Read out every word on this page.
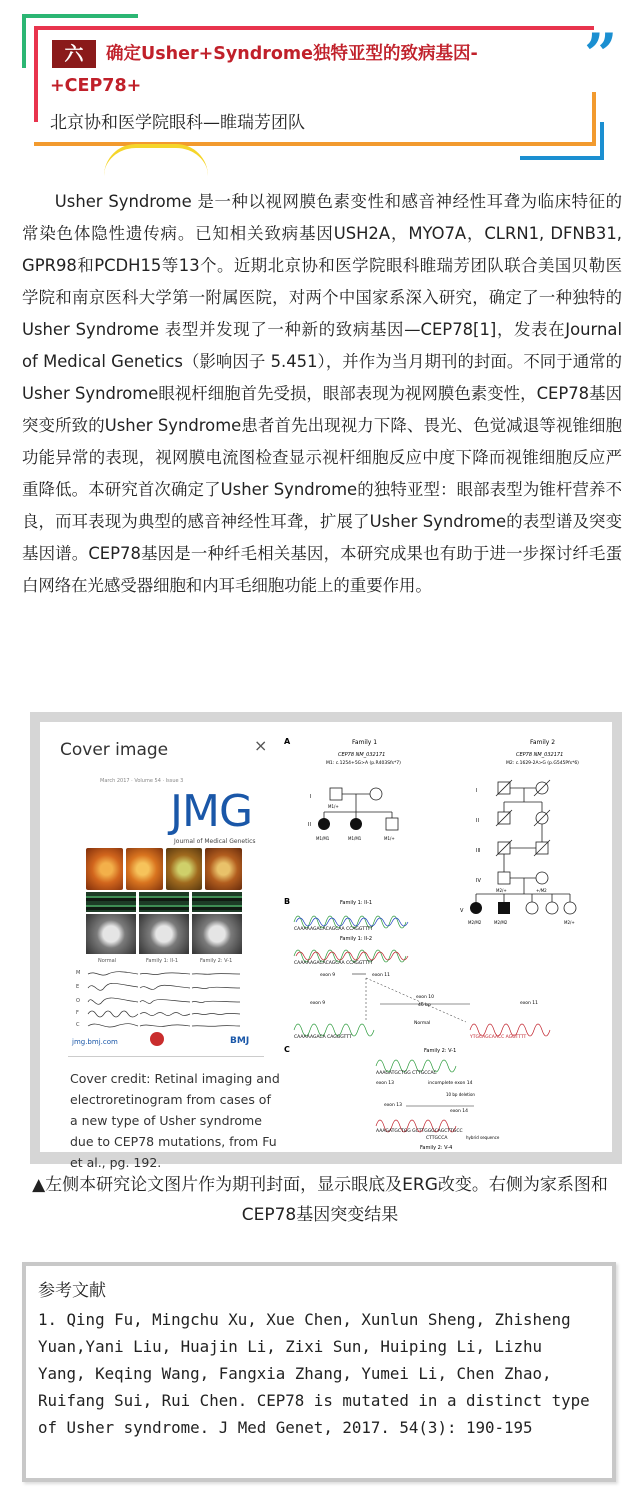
”
六	确定Usher+Syndrome独特亚型的致病基因-
+CEP78+
北京协和医学院眼科—睢瑞芳团队

Usher Syndrome 是一种以视网膜色素变性和感音神经性耳聋为临床特征的常染色体隐性遗传病。已知相关致病基因USH2A，MYO7A，CLRN1, DFNB31, GPR98和PCDH15等13个。近期北京协和医学院眼科睢瑞芳团队联合美国贝勒医学院和南京医科大学第一附属医院，对两个中国家系深入研究，确定了一种独特的Usher Syndrome 表型并发现了一种新的致病基因—CEP78[1]，发表在Journal of Medical Genetics（影响因子 5.451），并作为当月期刊的封面。不同于通常的Usher Syndrome眼视杆细胞首先受损，眼部表现为视网膜色素变性，CEP78基因突变所致的Usher Syndrome患者首先出现视力下降、畏光、色觉减退等视锥细胞功能异常的表现，视网膜电流图检查显示视杆细胞反应中度下降而视锥细胞反应严重降低。本研究首次确定了Usher Syndrome的独特亚型：眼部表型为锥杆营养不良，而耳表现为典型的感音神经性耳聋，扩展了Usher Syndrome的表型谱及突变基因谱。CEP78基因是一种纤毛相关基因，本研究成果也有助于进一步探讨纤毛蛋白网络在光感受器细胞和内耳毛细胞功能上的重要作用。

Cover image	×
March 2017 · Volume 54 · Issue 3
JMG
Journal of Medical Genetics
Normal	Family 1: II-1	Family 2: V-1
M
E
O
F
C
jmg.bmj.com	BMJ
Cover credit: Retinal imaging and electroretinogram from cases of a new type of Usher syndrome due to CEP78 mutations, from Fu et al., pg. 192.
A
B
C
Family 1
CEP78 NM_032171
M1: c.1254+5G>A (p.R403Sfs*7)
I
II
M1/+
M1/M1	M1/M1	M1/+
Family 2
CEP78 NM_032171
M2: c.1629-2A>G (p.G545Pfs*6)
I
II
III
IV
V
M2/+	+/M2
M2/M2	M2/M2	M2/+
Family 1: II-1
CAAAAAGACACAGCAA CCAGGTTTT
Family 1: II-2
CAAAAAGACACAGCAA CCAGGTTTT
exon 9	exon 11
exon 9
exon 10
46 bp	exon 11
Normal
CAAAAAGACA CAGGGTTT	YTGCAGCAACC AGGTTTT
Family 2: V-1
AAAGATGCTGG CTTGCCAC
exon 13	incomplete exon 14
10 bp deletion
exon 13
exon 14
AAAGATGCTGG GCTTGGGCAGCTTGCC
CTTGCCA	hybrid sequence
Family 2: V-4
▲左侧本研究论文图片作为期刊封面，显示眼底及ERG改变。右侧为家系图和CEP78基因突变结果
参考文献

1. Qing Fu, Mingchu Xu, Xue Chen, Xunlun Sheng, Zhisheng Yuan,Yani Liu, Huajin Li, Zixi Sun, Huiping Li, Lizhu Yang, Keqing Wang, Fangxia Zhang, Yumei Li, Chen Zhao, Ruifang Sui, Rui Chen. CEP78 is mutated in a distinct type of Usher syndrome. J Med Genet, 2017. 54(3): 190-195
